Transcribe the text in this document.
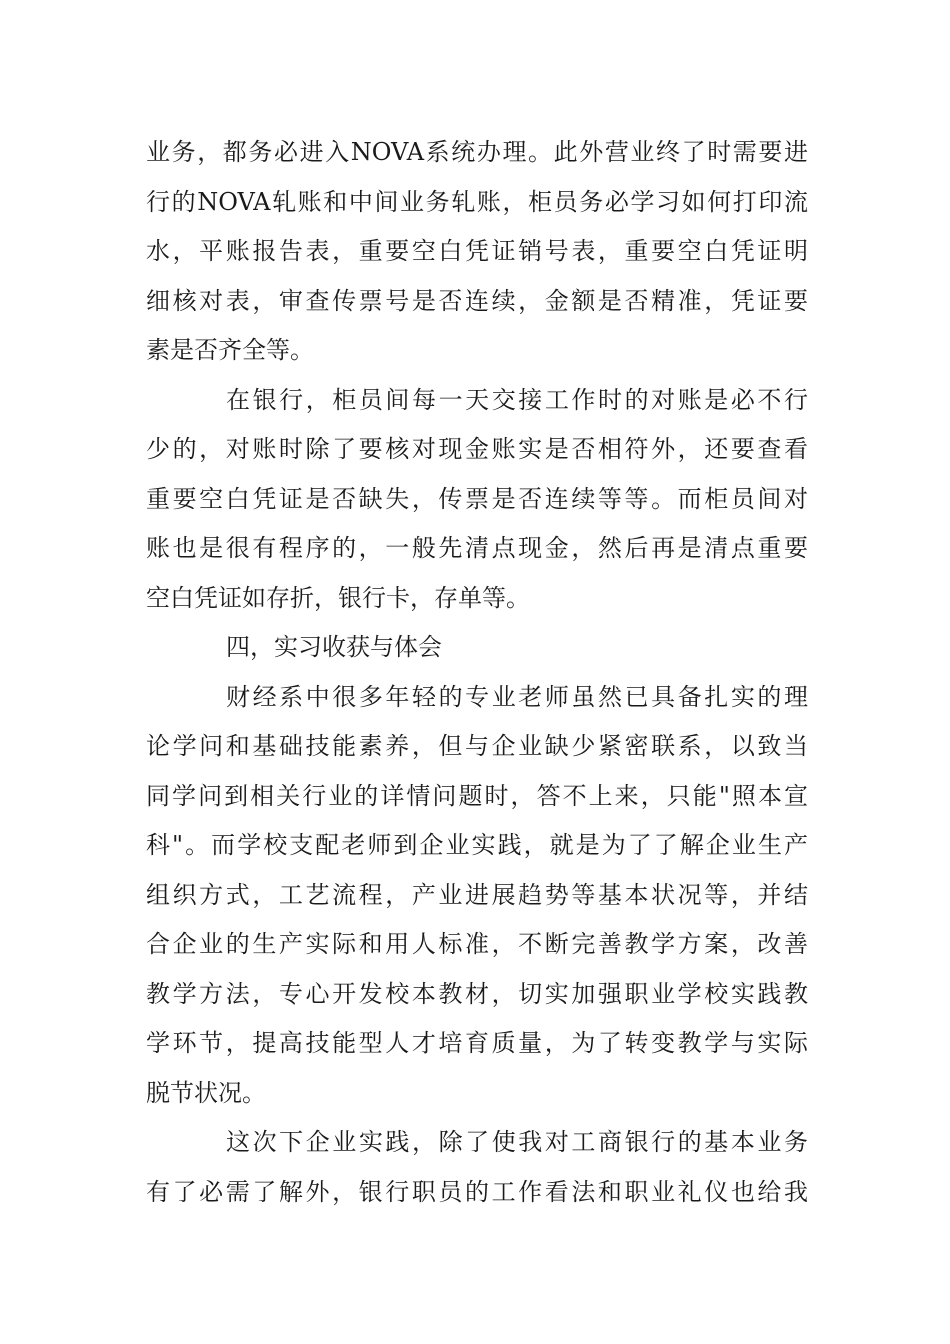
业务，都务必进入NOVA系统办理。此外营业终了时需要进
行的NOVA轧账和中间业务轧账，柜员务必学习如何打印流
水，平账报告表，重要空白凭证销号表，重要空白凭证明
细核对表，审查传票号是否连续，金额是否精准，凭证要
素是否齐全等。
在银行，柜员间每一天交接工作时的对账是必不行
少的，对账时除了要核对现金账实是否相符外，还要查看
重要空白凭证是否缺失，传票是否连续等等。而柜员间对
账也是很有程序的，一般先清点现金，然后再是清点重要
空白凭证如存折，银行卡，存单等。
四，实习收获与体会
财经系中很多年轻的专业老师虽然已具备扎实的理
论学问和基础技能素养，但与企业缺少紧密联系，以致当
同学问到相关行业的详情问题时，答不上来，只能"照本宣
科"。而学校支配老师到企业实践，就是为了了解企业生产
组织方式，工艺流程，产业进展趋势等基本状况等，并结
合企业的生产实际和用人标准，不断完善教学方案，改善
教学方法，专心开发校本教材，切实加强职业学校实践教
学环节，提高技能型人才培育质量，为了转变教学与实际
脱节状况。
这次下企业实践，除了使我对工商银行的基本业务
有了必需了解外，银行职员的工作看法和职业礼仪也给我
